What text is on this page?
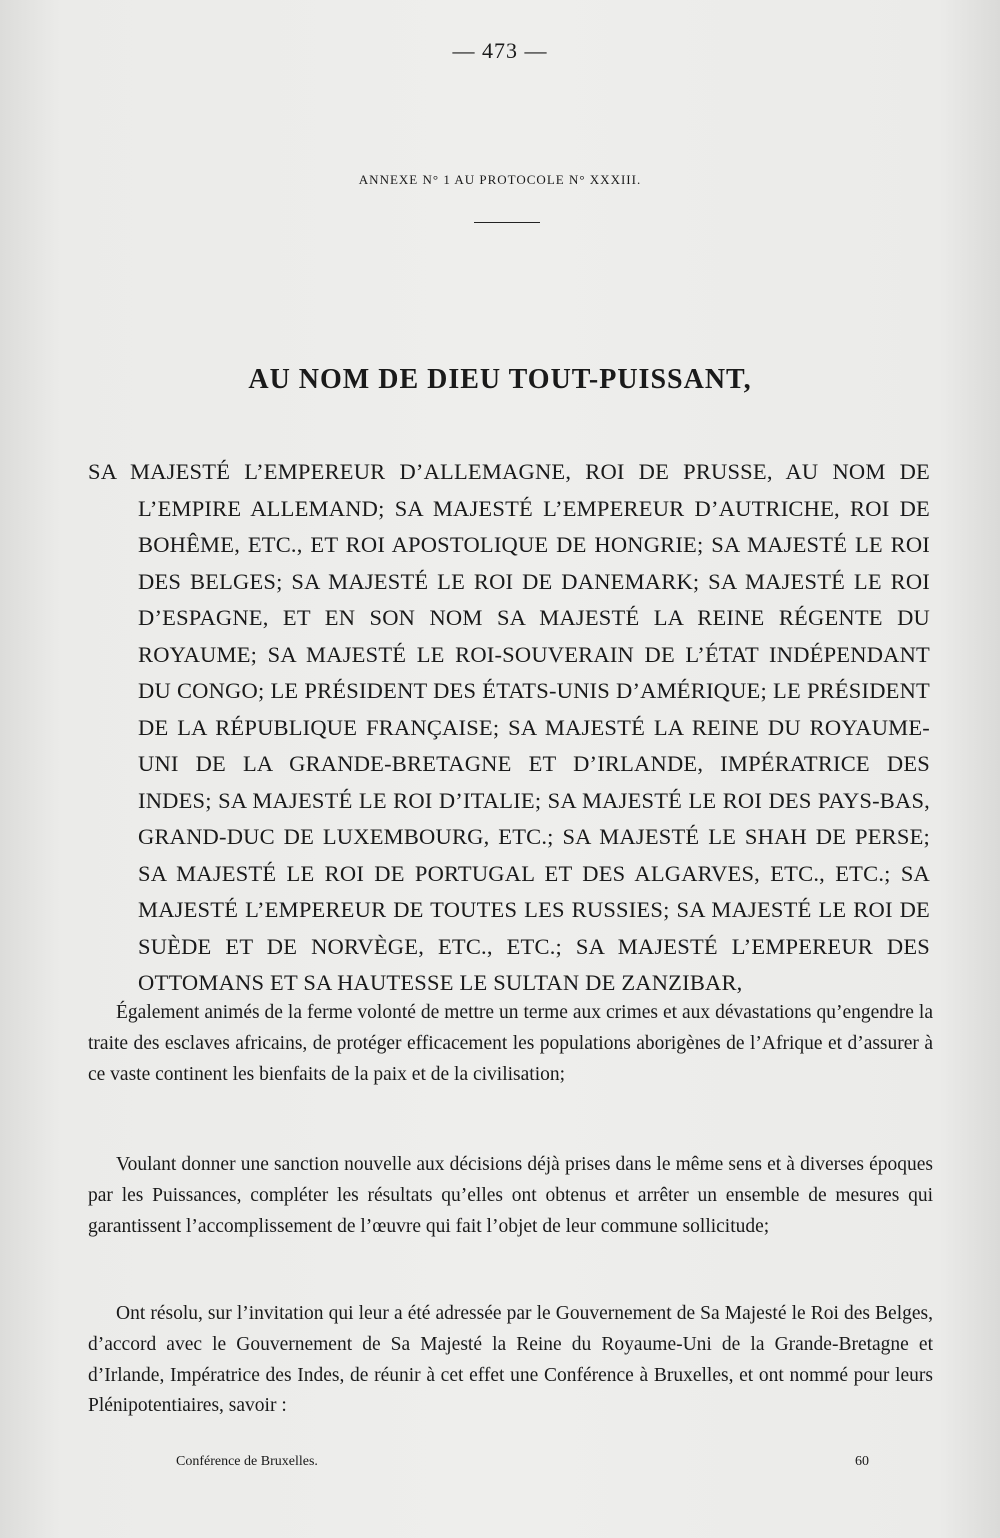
— 473 —
ANNEXE N° 1 AU PROTOCOLE N° XXXIII.
AU NOM DE DIEU TOUT-PUISSANT,
SA MAJESTÉ L’EMPEREUR D’ALLEMAGNE, ROI DE PRUSSE, AU NOM DE L’EMPIRE ALLEMAND; SA MAJESTÉ L’EMPEREUR D’AUTRICHE, ROI DE BOHÊME, ETC., ET ROI APOSTOLIQUE DE HONGRIE; SA MAJESTÉ LE ROI DES BELGES; SA MAJESTÉ LE ROI DE DANEMARK; SA MAJESTÉ LE ROI D’ESPAGNE, ET EN SON NOM SA MAJESTÉ LA REINE RÉGENTE DU ROYAUME; SA MAJESTÉ LE ROI-SOUVERAIN DE L’ÉTAT INDÉPENDANT DU CONGO; LE PRÉSIDENT DES ÉTATS-UNIS D’AMÉRIQUE; LE PRÉSIDENT DE LA RÉPUBLIQUE FRANÇAISE; SA MAJESTÉ LA REINE DU ROYAUME-UNI DE LA GRANDE-BRETAGNE ET D’IRLANDE, IMPÉRATRICE DES INDES; SA MAJESTÉ LE ROI D’ITALIE; SA MAJESTÉ LE ROI DES PAYS-BAS, GRAND-DUC DE LUXEMBOURG, ETC.; SA MAJESTÉ LE SHAH DE PERSE; SA MAJESTÉ LE ROI DE PORTUGAL ET DES ALGARVES, ETC., ETC.; SA MAJESTÉ L’EMPEREUR DE TOUTES LES RUSSIES; SA MAJESTÉ LE ROI DE SUÈDE ET DE NORVÈGE, ETC., ETC.; SA MAJESTÉ L’EMPEREUR DES OTTOMANS ET SA HAUTESSE LE SULTAN DE ZANZIBAR,
Également animés de la ferme volonté de mettre un terme aux crimes et aux dévastations qu’engendre la traite des esclaves africains, de protéger efficacement les populations aborigènes de l’Afrique et d’assurer à ce vaste continent les bienfaits de la paix et de la civilisation;
Voulant donner une sanction nouvelle aux décisions déjà prises dans le même sens et à diverses époques par les Puissances, compléter les résultats qu’elles ont obtenus et arrêter un ensemble de mesures qui garantissent l’accomplissement de l’œuvre qui fait l’objet de leur commune sollicitude;
Ont résolu, sur l’invitation qui leur a été adressée par le Gouvernement de Sa Majesté le Roi des Belges, d’accord avec le Gouvernement de Sa Majesté la Reine du Royaume-Uni de la Grande-Bretagne et d’Irlande, Impératrice des Indes, de réunir à cet effet une Conférence à Bruxelles, et ont nommé pour leurs Plénipotentiaires, savoir :
Conférence de Bruxelles.	60
